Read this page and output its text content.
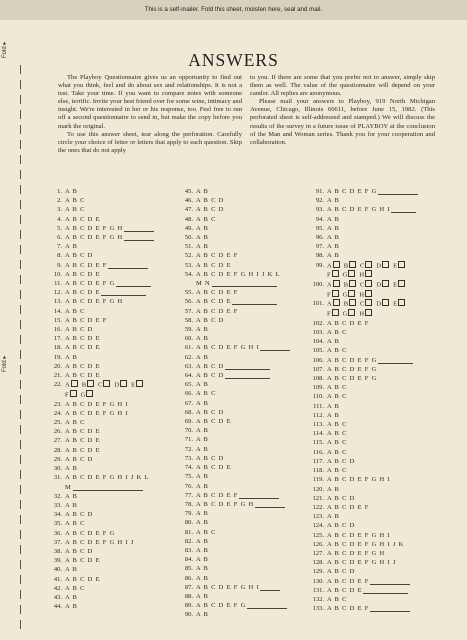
This is a self-mailer. Fold this sheet, moisten here, seal and mail.
Fold ▸
Fold ▸
ANSWERS

The Playboy Questionnaire gives us an opportunity to find out what you think, feel and do about sex and relationships. It is not a test. Take your time. If you want to compare notes with someone else, terrific. Invite your best friend over for some wine, intimacy and insight. We're interested in her or his response, too. Feel free to run off a second questionnaire to send in, but make the copy before you mark the original.

To use this answer sheet, tear along the perforation. Carefully circle your choice of letter or letters that apply to each question. Skip the ones that do not apply

to you. If there are some that you prefer not to answer, simply skip them as well. The value of the questionnaire will depend on your candor. All replies are anonymous.

Please mail your answers to Playboy, 919 North Michigan Avenue, Chicago, Illinois 60611, before June 15, 1982. (This perforated sheet is self-addressed and stamped.) We will discuss the results of the survey in a future issue of PLAYBOY at the conclusion of the Man and Woman series. Thank you for your cooperation and collaboration.

1. A B
2. A B C
3. A B C
4. A B C D E
5. A B C D E F G H
6. A B C D E F G H
7. A B
8. A B C D
9. A B C D E F
10. A B C D E
11. A B C D E F G
12. A B C D E
13. A B C D E F G H
14. A B C
15. A B C D E F
16. A B C D
17. A B C D E
18. A B C D E
19. A B
20. A B C D E
21. A B C D E
22. A	B	C	D	E
F	G
23. A B C D E F G H I
24. A B C D E F G H I
25. A B C
26. A B C D E
27. A B C D E
28. A B C D E
29. A B C D
30. A B
31. A B C D E F G H I J K L
M
32. A B
33. A B
34. A B C D
35. A B C
36. A B C D E F G
37. A B C D E F G H I J
38. A B C D
39. A B C D E
40. A B
41. A B C D E
42. A B C
43. A B
44. A B
45. A B
46. A B C D
47. A B C D
48. A B C
49. A B
50. A B
51. A B
52. A B C D E F
53. A B C D E
54. A B C D E F G H I J K L
M N
55. A B C D E F
56. A B C D E
57. A B C D E F
58. A B C D
59. A B
60. A B
61. A B C D E F G H I
62. A B
63. A B C D
64. A B C D
65. A B
66. A B C
67. A B
68. A B C D
69. A B C D E
70. A B
71. A B
72. A B
73. A B C D
74. A B C D E
75. A B
76. A B
77. A B C D E F
78. A B C D E F G H
79. A B
80. A B
81. A B C
82. A B
83. A B
84. A B
85. A B
86. A B
87. A B C D E F G H I
88. A B
89. A B C D E F G
90. A B
91. A B C D E F G
92. A B
93. A B C D E F G H I
94. A B
95. A B
96. A B
97. A B
98. A B
99. A	B	C	D	E
F	G	H
100. A	B	C	D	E
F	G	H
101. A	B	C	D	E
F	G	H
102. A B C D E F
103. A B C
104. A B
105. A B C
106. A B C D E F G
107. A B C D E F G
108. A B C D E F G
109. A B C
110. A B C
111. A B
112. A B
113. A B C
114. A B C
115. A B C
116. A B C
117. A B C D
118. A B C
119. A B C D E F G H I
120. A B
121. A B C D
122. A B C D E F
123. A B
124. A B C D
125. A B C D E F G H I
126. A B C D E F G H I J K
127. A B C D E F G H
128. A B C D E F G H I J
129. A B C D
130. A B C D E F
131. A B C D E
132. A B C
133. A B C D E F
